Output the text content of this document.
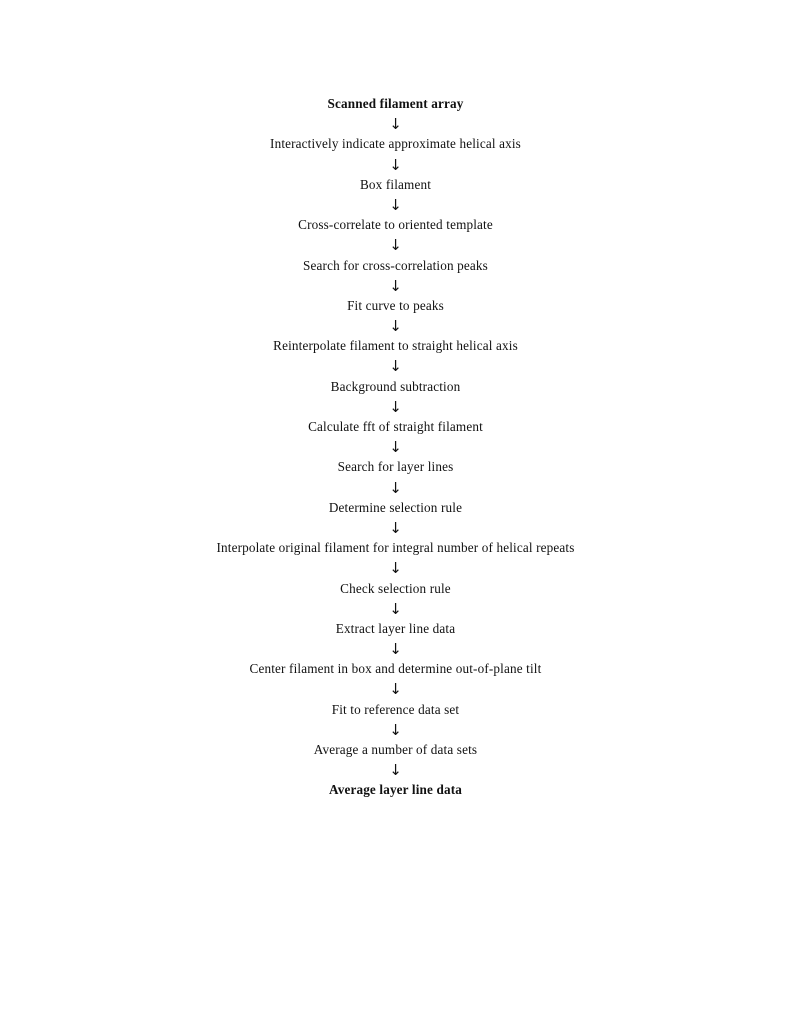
Scanned filament array
↓
Interactively indicate approximate helical axis
↓
Box filament
↓
Cross-correlate to oriented template
↓
Search for cross-correlation peaks
↓
Fit curve to peaks
↓
Reinterpolate filament to straight helical axis
↓
Background subtraction
↓
Calculate fft of straight filament
↓
Search for layer lines
↓
Determine selection rule
↓
Interpolate original filament for integral number of helical repeats
↓
Check selection rule
↓
Extract layer line data
↓
Center filament in box and determine out-of-plane tilt
↓
Fit to reference data set
↓
Average a number of data sets
↓
Average layer line data
